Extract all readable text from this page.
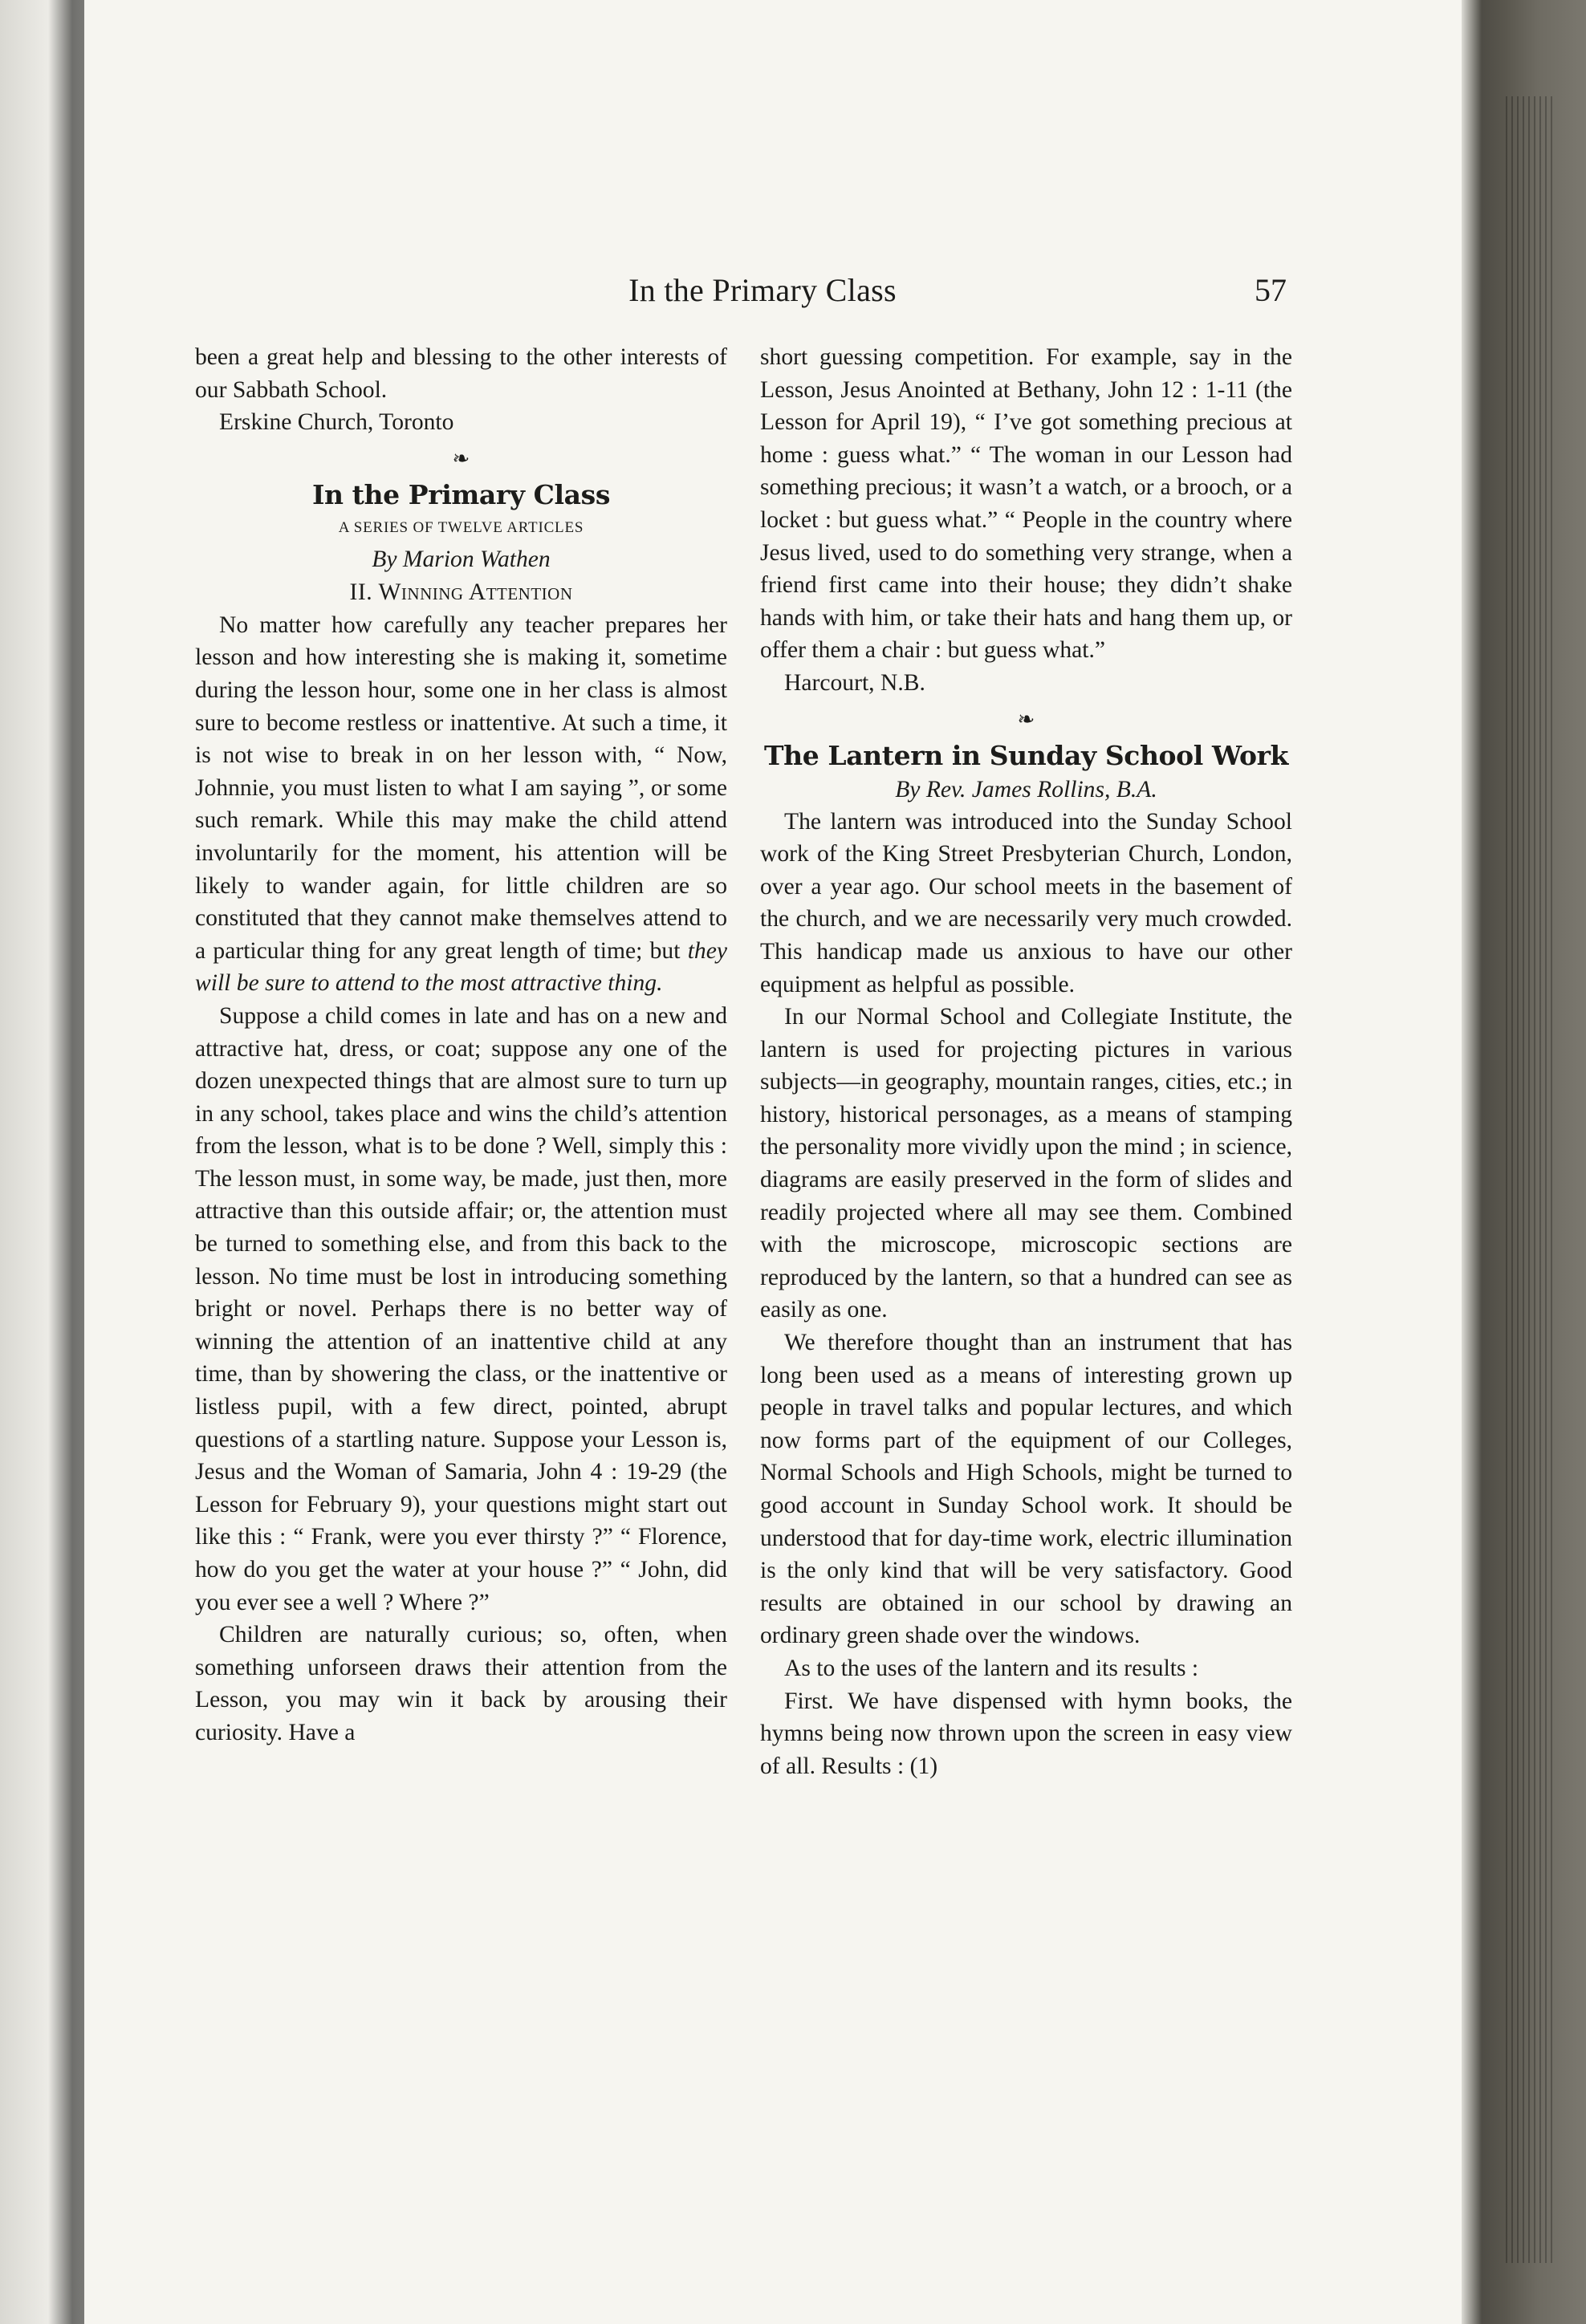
In the Primary Class	57

been a great help and blessing to the other interests of our Sabbath School.

Erskine Church, Toronto

❧
In the Primary Class
A SERIES OF TWELVE ARTICLES
By Marion Wathen
II. Winning Attention

No matter how carefully any teacher prepares her lesson and how interesting she is making it, sometime during the lesson hour, some one in her class is almost sure to become restless or inattentive. At such a time, it is not wise to break in on her lesson with, “ Now, Johnnie, you must listen to what I am saying ”, or some such remark. While this may make the child attend involuntarily for the moment, his attention will be likely to wander again, for little children are so constituted that they cannot make themselves attend to a particular thing for any great length of time; but they will be sure to attend to the most attractive thing.

Suppose a child comes in late and has on a new and attractive hat, dress, or coat; suppose any one of the dozen unexpected things that are almost sure to turn up in any school, takes place and wins the child’s attention from the lesson, what is to be done ? Well, simply this : The lesson must, in some way, be made, just then, more attractive than this outside affair; or, the attention must be turned to something else, and from this back to the lesson. No time must be lost in introducing something bright or novel. Perhaps there is no better way of winning the attention of an inattentive child at any time, than by showering the class, or the inattentive or listless pupil, with a few direct, pointed, abrupt questions of a startling nature. Suppose your Lesson is, Jesus and the Woman of Samaria, John 4 : 19-29 (the Lesson for February 9), your questions might start out like this : “ Frank, were you ever thirsty ?” “ Florence, how do you get the water at your house ?” “ John, did you ever see a well ? Where ?”

Children are naturally curious; so, often, when something unforseen draws their attention from the Lesson, you may win it back by arousing their curiosity. Have a

short guessing competition. For example, say in the Lesson, Jesus Anointed at Bethany, John 12 : 1-11 (the Lesson for April 19), “ I’ve got something precious at home : guess what.” “ The woman in our Lesson had something precious; it wasn’t a watch, or a brooch, or a locket : but guess what.” “ People in the country where Jesus lived, used to do something very strange, when a friend first came into their house; they didn’t shake hands with him, or take their hats and hang them up, or offer them a chair : but guess what.”

Harcourt, N.B.

❧
The Lantern in Sunday School Work
By Rev. James Rollins, B.A.

The lantern was introduced into the Sunday School work of the King Street Presbyterian Church, London, over a year ago. Our school meets in the basement of the church, and we are necessarily very much crowded. This handicap made us anxious to have our other equipment as helpful as possible.

In our Normal School and Collegiate Institute, the lantern is used for projecting pictures in various subjects—in geography, mountain ranges, cities, etc.; in history, historical personages, as a means of stamping the personality more vividly upon the mind ; in science, diagrams are easily preserved in the form of slides and readily projected where all may see them. Combined with the microscope, microscopic sections are reproduced by the lantern, so that a hundred can see as easily as one.

We therefore thought than an instrument that has long been used as a means of interesting grown up people in travel talks and popular lectures, and which now forms part of the equipment of our Colleges, Normal Schools and High Schools, might be turned to good account in Sunday School work. It should be understood that for day-time work, electric illumination is the only kind that will be very satisfactory. Good results are obtained in our school by drawing an ordinary green shade over the windows.

As to the uses of the lantern and its results :

First. We have dispensed with hymn books, the hymns being now thrown upon the screen in easy view of all. Results : (1)
